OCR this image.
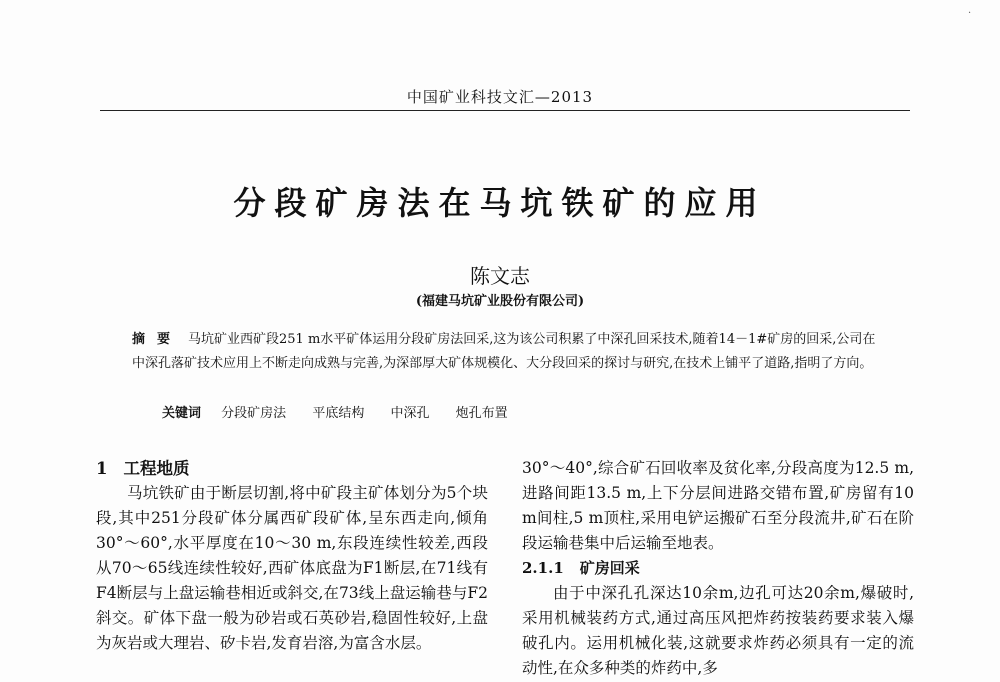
·
中国矿业科技文汇—2013
分段矿房法在马坑铁矿的应用
陈文志
(福建马坑矿业股份有限公司)
摘要 马坑矿业西矿段251 m水平矿体运用分段矿房法回采,这为该公司积累了中深孔回采技术,随着14－1#矿房的回采,公司在中深孔落矿技术应用上不断走向成熟与完善,为深部厚大矿体规模化、大分段回采的探讨与研究,在技术上铺平了道路,指明了方向。
关键词 分段矿房法 平底结构 中深孔 炮孔布置
1 工程地质

马坑铁矿由于断层切割,将中矿段主矿体划分为5个块段,其中251分段矿体分属西矿段矿体,呈东西走向,倾角30°～60°,水平厚度在10～30 m,东段连续性较差,西段从70～65线连续性较好,西矿体底盘为F1断层,在71线有F4断层与上盘运输巷相近或斜交,在73线上盘运输巷与F2斜交。矿体下盘一般为砂岩或石英砂岩,稳固性较好,上盘为灰岩或大理岩、矽卡岩,发育岩溶,为富含水层。

30°～40°,综合矿石回收率及贫化率,分段高度为12.5 m,进路间距13.5 m,上下分层间进路交错布置,矿房留有10 m间柱,5 m顶柱,采用电铲运搬矿石至分段流井,矿石在阶段运输巷集中后运输至地表。

2.1.1 矿房回采

由于中深孔孔深达10余m,边孔可达20余m,爆破时,采用机械装药方式,通过高压风把炸药按装药要求装入爆破孔内。运用机械化装,这就要求炸药必须具有一定的流动性,在众多种类的炸药中,多
